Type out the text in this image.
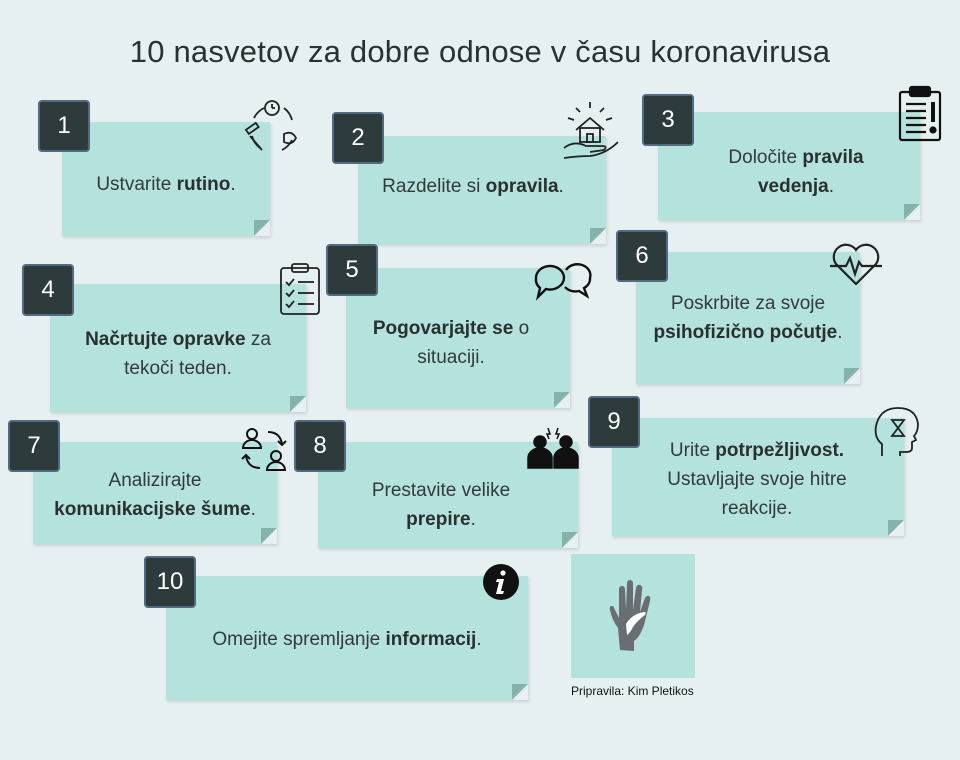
10 nasvetov za dobre odnose v času koronavirusa
1
Ustvarite rutino.
2
Razdelite si opravila.
3
Določite pravila
vedenja.
4
Načrtujte opravke za
tekoči teden.
5
Pogovarjajte se o
situaciji.
6
Poskrbite za svoje
psihofizično počutje.
7
Analizirajte
komunikacijske šume.
8
Prestavite velike
prepire.
9
Urite potrpežljivost.
Ustavljajte svoje hitre
reakcije.
10
Omejite spremljanje informacij.
Pripravila: Kim Pletikos
